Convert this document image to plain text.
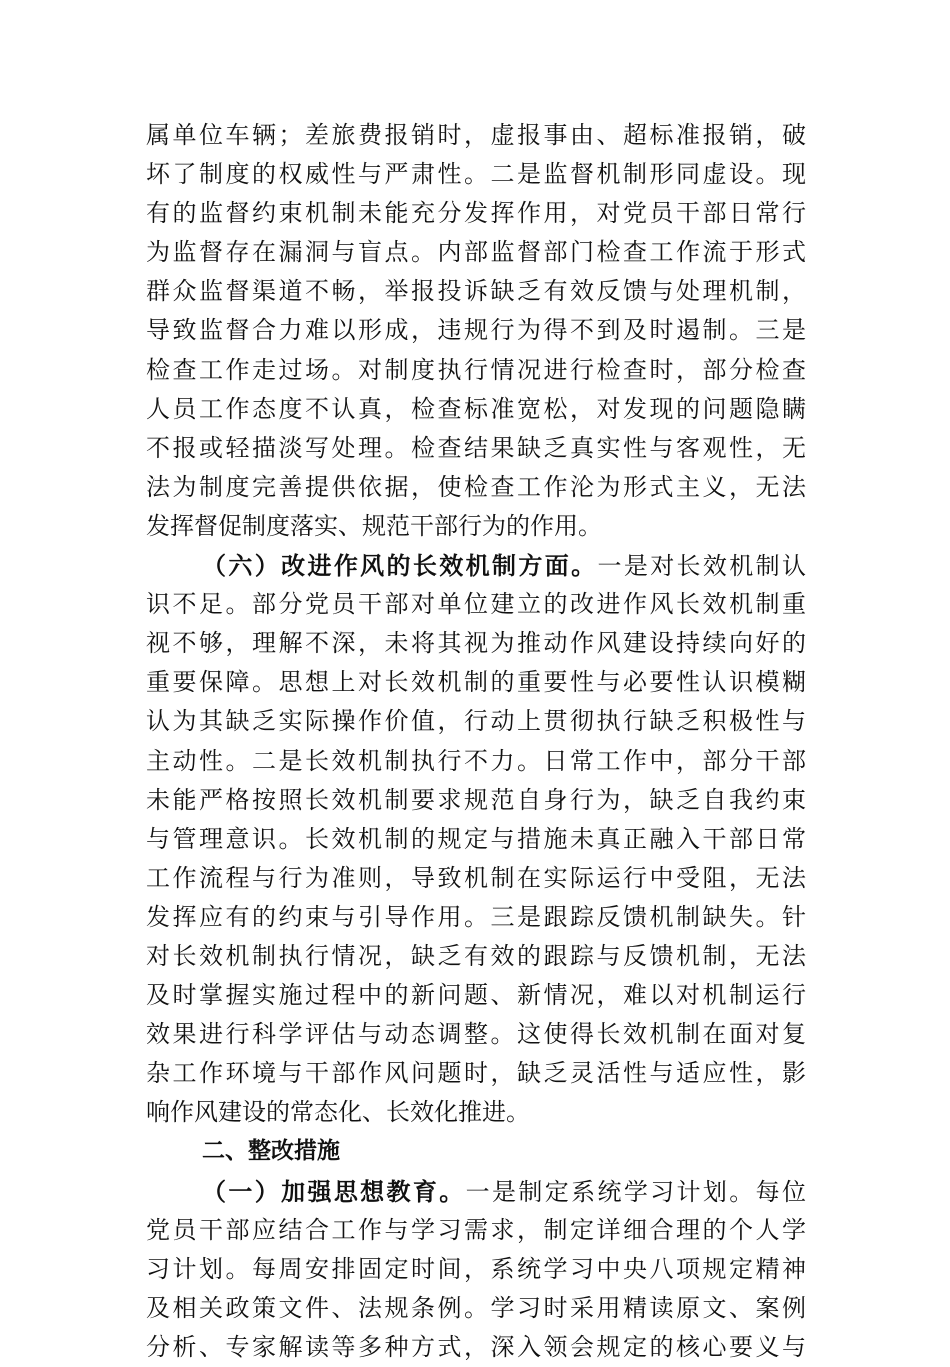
属单位车辆；差旅费报销时，虚报事由、超标准报销，破
坏了制度的权威性与严肃性。二是监督机制形同虚设。现
有的监督约束机制未能充分发挥作用，对党员干部日常行
为监督存在漏洞与盲点。内部监督部门检查工作流于形式
群众监督渠道不畅，举报投诉缺乏有效反馈与处理机制，
导致监督合力难以形成，违规行为得不到及时遏制。三是
检查工作走过场。对制度执行情况进行检查时，部分检查
人员工作态度不认真，检查标准宽松，对发现的问题隐瞒
不报或轻描淡写处理。检查结果缺乏真实性与客观性，无
法为制度完善提供依据，使检查工作沦为形式主义，无法
发挥督促制度落实、规范干部行为的作用。
（六）改进作风的长效机制方面。一是对长效机制认
识不足。部分党员干部对单位建立的改进作风长效机制重
视不够，理解不深，未将其视为推动作风建设持续向好的
重要保障。思想上对长效机制的重要性与必要性认识模糊
认为其缺乏实际操作价值，行动上贯彻执行缺乏积极性与
主动性。二是长效机制执行不力。日常工作中，部分干部
未能严格按照长效机制要求规范自身行为，缺乏自我约束
与管理意识。长效机制的规定与措施未真正融入干部日常
工作流程与行为准则，导致机制在实际运行中受阻，无法
发挥应有的约束与引导作用。三是跟踪反馈机制缺失。针
对长效机制执行情况，缺乏有效的跟踪与反馈机制，无法
及时掌握实施过程中的新问题、新情况，难以对机制运行
效果进行科学评估与动态调整。这使得长效机制在面对复
杂工作环境与干部作风问题时，缺乏灵活性与适应性，影
响作风建设的常态化、长效化推进。
二、整改措施
（一）加强思想教育。一是制定系统学习计划。每位
党员干部应结合工作与学习需求，制定详细合理的个人学
习计划。每周安排固定时间，系统学习中央八项规定精神
及相关政策文件、法规条例。学习时采用精读原文、案例
分析、专家解读等多种方式，深入领会规定的核心要义与
